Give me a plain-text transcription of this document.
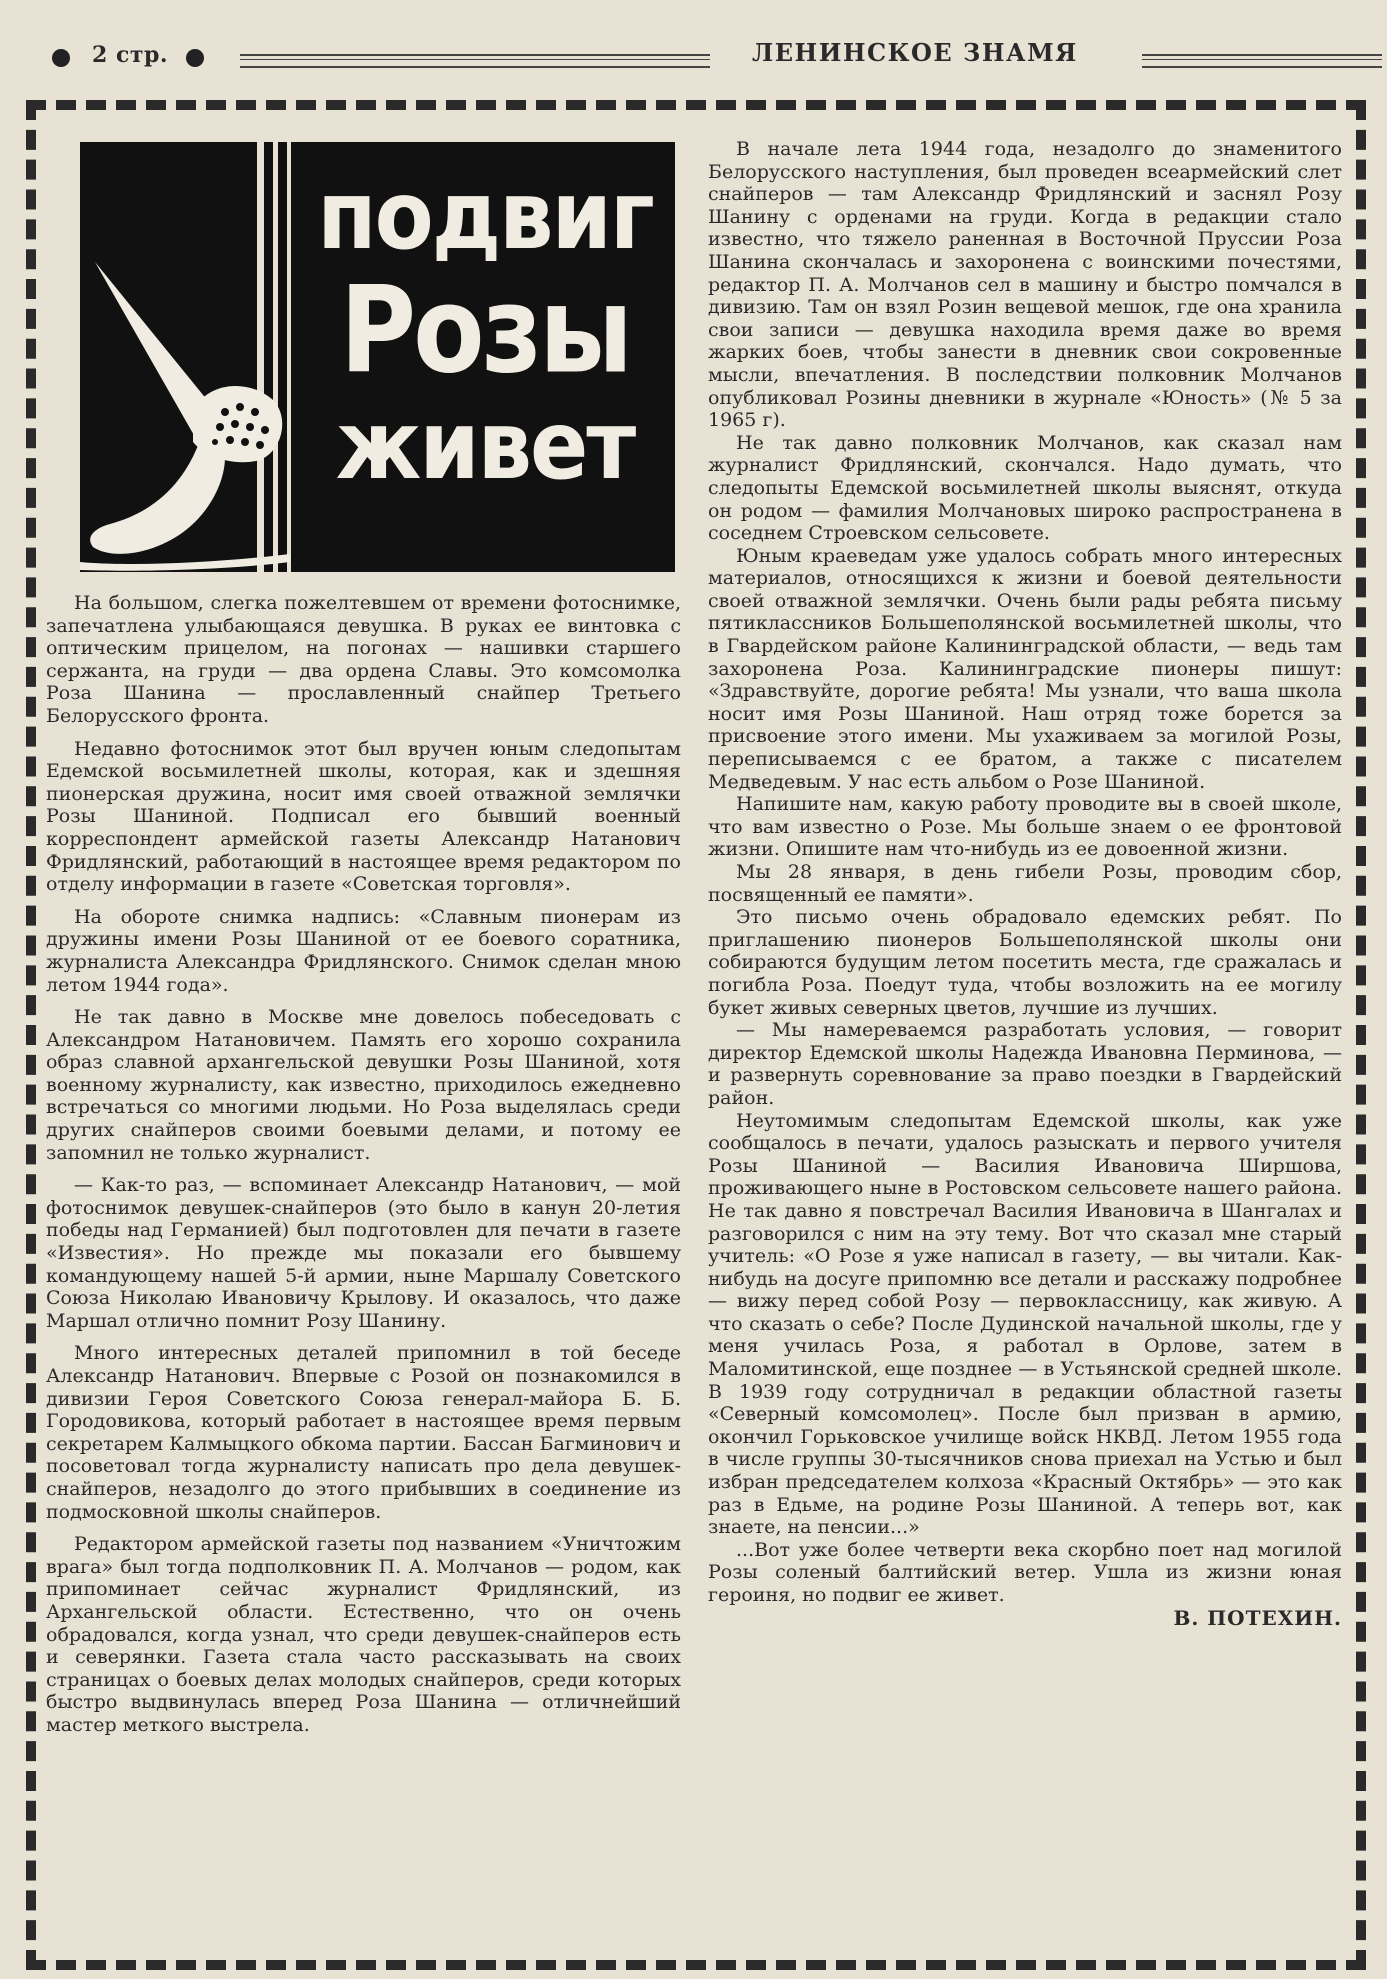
2 стр.	ЛЕНИНСКОЕ ЗНАМЯ
подвиг
Розы
живет

На большом, слегка пожелтевшем от времени фотоснимке, запечатлена улыбающаяся девушка. В руках ее винтовка с оптическим прицелом, на погонах — нашивки старшего сержанта, на груди — два ордена Славы. Это комсомолка Роза Шанина — прославленный снайпер Третьего Белорусского фронта.

Недавно фотоснимок этот был вручен юным следопытам Едемской восьмилетней школы, которая, как и здешняя пионерская дружина, носит имя своей отважной землячки Розы Шаниной. Подписал его бывший военный корреспондент армейской газеты Александр Натанович Фридлянский, работающий в настоящее время редактором по отделу информации в газете «Советская торговля».

На обороте снимка надпись: «Славным пионерам из дружины имени Розы Шаниной от ее боевого соратника, журналиста Александра Фридлянского. Снимок сделан мною летом 1944 года».

Не так давно в Москве мне довелось побеседовать с Александром Натановичем. Память его хорошо сохранила образ славной архангельской девушки Розы Шаниной, хотя военному журналисту, как известно, приходилось ежедневно встречаться со многими людьми. Но Роза выделялась среди других снайперов своими боевыми делами, и потому ее запомнил не только журналист.

— Как-то раз, — вспоминает Александр Натанович, — мой фотоснимок девушек-снайперов (это было в канун 20-летия победы над Германией) был подготовлен для печати в газете «Известия». Но прежде мы показали его бывшему командующему нашей 5-й армии, ныне Маршалу Советского Союза Николаю Ивановичу Крылову. И оказалось, что даже Маршал отлично помнит Розу Шанину.

Много интересных деталей припомнил в той беседе Александр Натанович. Впервые с Розой он познакомился в дивизии Героя Советского Союза генерал-майора Б. Б. Городовикова, который работает в настоящее время первым секретарем Калмыцкого обкома партии. Бассан Багминович и посоветовал тогда журналисту написать про дела девушек-снайперов, незадолго до этого прибывших в соединение из подмосковной школы снайперов.

Редактором армейской газеты под названием «Уничтожим врага» был тогда подполковник П. А. Молчанов — родом, как припоминает сейчас журналист Фридлянский, из Архангельской области. Естественно, что он очень обрадовался, когда узнал, что среди девушек-снайперов есть и северянки. Газета стала часто рассказывать на своих страницах о боевых делах молодых снайперов, среди которых быстро выдвинулась вперед Роза Шанина — отличнейший мастер меткого выстрела.

В начале лета 1944 года, незадолго до знаменитого Белорусского наступления, был проведен всеармейский слет снайперов — там Александр Фридлянский и заснял Розу Шанину с орденами на груди. Когда в редакции стало известно, что тяжело раненная в Восточной Пруссии Роза Шанина скончалась и захоронена с воинскими почестями, редактор П. А. Молчанов сел в машину и быстро помчался в дивизию. Там он взял Розин вещевой мешок, где она хранила свои записи — девушка находила время даже во время жарких боев, чтобы занести в дневник свои сокровенные мысли, впечатления. В последствии полковник Молчанов опубликовал Розины дневники в журнале «Юность» (№ 5 за 1965 г).

Не так давно полковник Молчанов, как сказал нам журналист Фридлянский, скончался. Надо думать, что следопыты Едемской восьмилетней школы выяснят, откуда он родом — фамилия Молчановых широко распространена в соседнем Строевском сельсовете.

Юным краеведам уже удалось собрать много интересных материалов, относящихся к жизни и боевой деятельности своей отважной землячки. Очень были рады ребята письму пятиклассников Большеполянской восьмилетней школы, что в Гвардейском районе Калининградской области, — ведь там захоронена Роза. Калининградские пионеры пишут: «Здравствуйте, дорогие ребята! Мы узнали, что ваша школа носит имя Розы Шаниной. Наш отряд тоже борется за присвоение этого имени. Мы ухаживаем за могилой Розы, переписываемся с ее братом, а также с писателем Медведевым. У нас есть альбом о Розе Шаниной.

Напишите нам, какую работу проводите вы в своей школе, что вам известно о Розе. Мы больше знаем о ее фронтовой жизни. Опишите нам что-нибудь из ее довоенной жизни.

Мы 28 января, в день гибели Розы, проводим сбор, посвященный ее памяти».

Это письмо очень обрадовало едемских ребят. По приглашению пионеров Большеполянской школы они собираются будущим летом посетить места, где сражалась и погибла Роза. Поедут туда, чтобы возложить на ее могилу букет живых северных цветов, лучшие из лучших.

— Мы намереваемся разработать условия, — говорит директор Едемской школы Надежда Ивановна Перминова, — и развернуть соревнование за право поездки в Гвардейский район.

Неутомимым следопытам Едемской школы, как уже сообщалось в печати, удалось разыскать и первого учителя Розы Шаниной — Василия Ивановича Ширшова, проживающего ныне в Ростовском сельсовете нашего района. Не так давно я повстречал Василия Ивановича в Шангалах и разговорился с ним на эту тему. Вот что сказал мне старый учитель: «О Розе я уже написал в газету, — вы читали. Как-нибудь на досуге припомню все детали и расскажу подробнее — вижу перед собой Розу — первоклассницу, как живую. А что сказать о себе? После Дудинской начальной школы, где у меня училась Роза, я работал в Орлове, затем в Маломитинской, еще позднее — в Устьянской средней школе. В 1939 году сотрудничал в редакции областной газеты «Северный комсомолец». После был призван в армию, окончил Горьковское училище войск НКВД. Летом 1955 года в числе группы 30-тысячников снова приехал на Устью и был избран председателем колхоза «Красный Октябрь» — это как раз в Едьме, на родине Розы Шаниной. А теперь вот, как знаете, на пенсии...»

...Вот уже более четверти века скорбно поет над могилой Розы соленый балтийский ветер. Ушла из жизни юная героиня, но подвиг ее живет.

В. ПОТЕХИН.
